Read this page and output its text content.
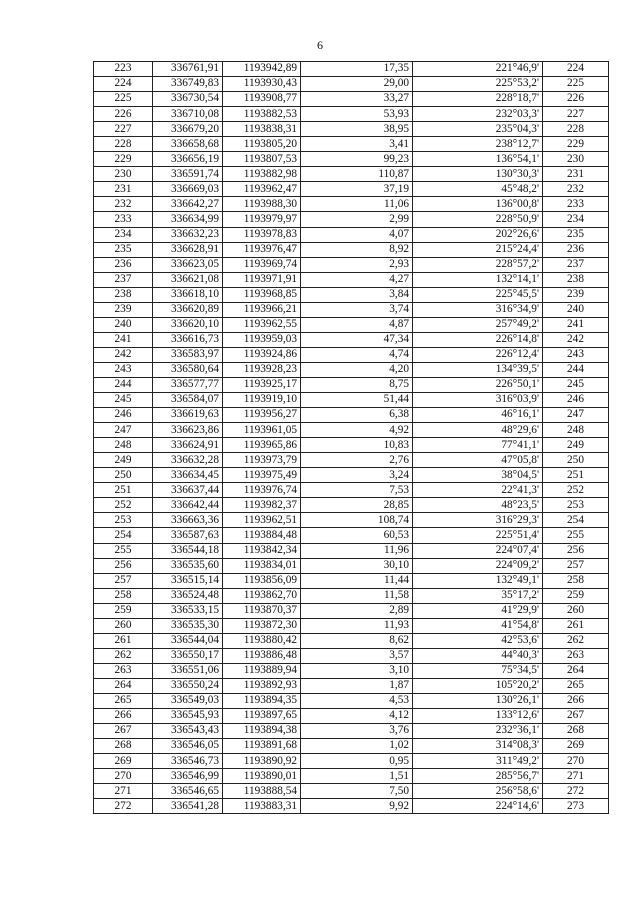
6
223	336761,91	1193942,89	17,35	221°46,9'	224
224	336749,83	1193930,43	29,00	225°53,2'	225
225	336730,54	1193908,77	33,27	228°18,7'	226
226	336710,08	1193882,53	53,93	232°03,3'	227
227	336679,20	1193838,31	38,95	235°04,3'	228
228	336658,68	1193805,20	3,41	238°12,7'	229
229	336656,19	1193807,53	99,23	136°54,1'	230
230	336591,74	1193882,98	110,87	130°30,3'	231
231	336669,03	1193962,47	37,19	45°48,2'	232
232	336642,27	1193988,30	11,06	136°00,8'	233
233	336634,99	1193979,97	2,99	228°50,9'	234
234	336632,23	1193978,83	4,07	202°26,6'	235
235	336628,91	1193976,47	8,92	215°24,4'	236
236	336623,05	1193969,74	2,93	228°57,2'	237
237	336621,08	1193971,91	4,27	132°14,1'	238
238	336618,10	1193968,85	3,84	225°45,5'	239
239	336620,89	1193966,21	3,74	316°34,9'	240
240	336620,10	1193962,55	4,87	257°49,2'	241
241	336616,73	1193959,03	47,34	226°14,8'	242
242	336583,97	1193924,86	4,74	226°12,4'	243
243	336580,64	1193928,23	4,20	134°39,5'	244
244	336577,77	1193925,17	8,75	226°50,1'	245
245	336584,07	1193919,10	51,44	316°03,9'	246
246	336619,63	1193956,27	6,38	46°16,1'	247
247	336623,86	1193961,05	4,92	48°29,6'	248
248	336624,91	1193965,86	10,83	77°41,1'	249
249	336632,28	1193973,79	2,76	47°05,8'	250
250	336634,45	1193975,49	3,24	38°04,5'	251
251	336637,44	1193976,74	7,53	22°41,3'	252
252	336642,44	1193982,37	28,85	48°23,5'	253
253	336663,36	1193962,51	108,74	316°29,3'	254
254	336587,63	1193884,48	60,53	225°51,4'	255
255	336544,18	1193842,34	11,96	224°07,4'	256
256	336535,60	1193834,01	30,10	224°09,2'	257
257	336515,14	1193856,09	11,44	132°49,1'	258
258	336524,48	1193862,70	11,58	35°17,2'	259
259	336533,15	1193870,37	2,89	41°29,9'	260
260	336535,30	1193872,30	11,93	41°54,8'	261
261	336544,04	1193880,42	8,62	42°53,6'	262
262	336550,17	1193886,48	3,57	44°40,3'	263
263	336551,06	1193889,94	3,10	75°34,5'	264
264	336550,24	1193892,93	1,87	105°20,2'	265
265	336549,03	1193894,35	4,53	130°26,1'	266
266	336545,93	1193897,65	4,12	133°12,6'	267
267	336543,43	1193894,38	3,76	232°36,1'	268
268	336546,05	1193891,68	1,02	314°08,3'	269
269	336546,73	1193890,92	0,95	311°49,2'	270
270	336546,99	1193890,01	1,51	285°56,7'	271
271	336546,65	1193888,54	7,50	256°58,6'	272
272	336541,28	1193883,31	9,92	224°14,6'	273
